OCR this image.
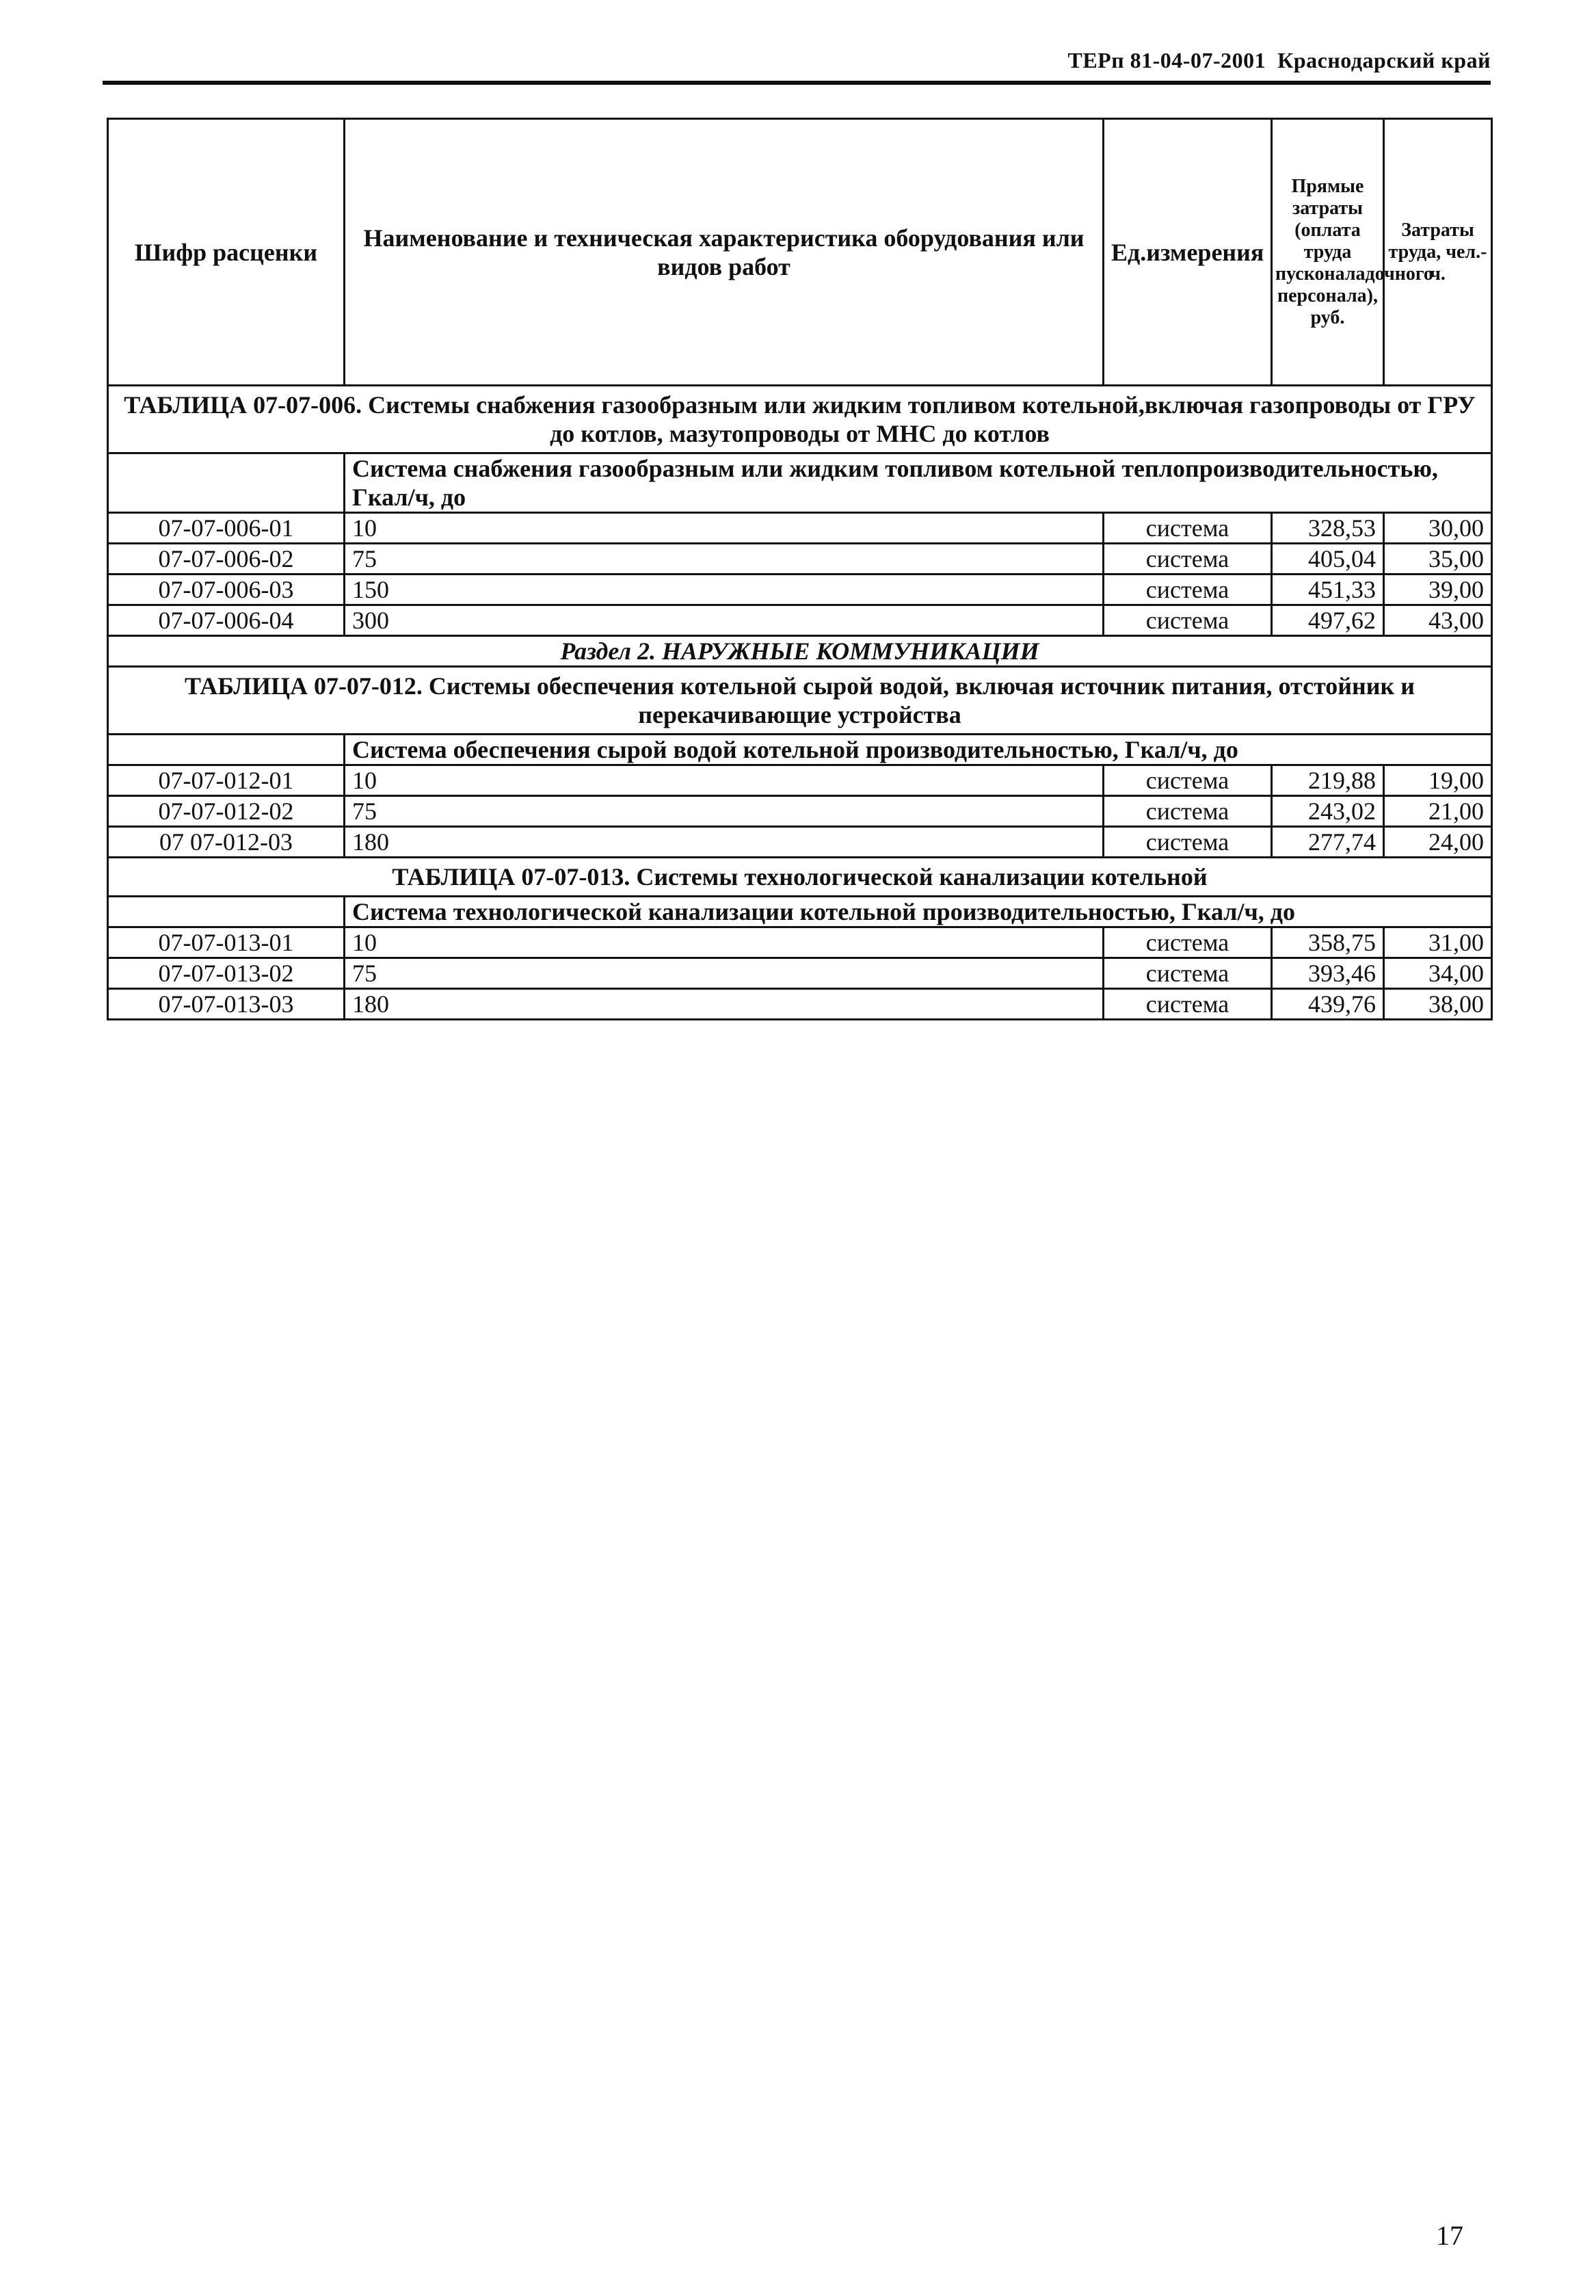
ТЕРп 81-04-07-2001 Краснодарский край
Шифр расценки	Наименование и техническая характеристика оборудования или видов работ	Ед.измерения	Прямые затраты (оплата труда пусконаладочного персонала), руб.	Затраты труда, чел.-ч.
ТАБЛИЦА 07-07-006. Системы снабжения газообразным или жидким топливом котельной,включая газопроводы от ГРУ до котлов, мазутопроводы от МНС до котлов				
	Система снабжения газообразным или жидким топливом котельной теплопроизводительностью, Гкал/ч, до			
07-07-006-01	10	система	328,53	30,00
07-07-006-02	75	система	405,04	35,00
07-07-006-03	150	система	451,33	39,00
07-07-006-04	300	система	497,62	43,00
Раздел 2. НАРУЖНЫЕ КОММУНИКАЦИИ				
ТАБЛИЦА 07-07-012. Системы обеспечения котельной сырой водой, включая источник питания, отстойник и перекачивающие устройства				
	Система обеспечения сырой водой котельной производительностью, Гкал/ч, до			
07-07-012-01	10	система	219,88	19,00
07-07-012-02	75	система	243,02	21,00
07 07-012-03	180	система	277,74	24,00
ТАБЛИЦА 07-07-013. Системы технологической канализации котельной				
	Система технологической канализации котельной производительностью, Гкал/ч, до			
07-07-013-01	10	система	358,75	31,00
07-07-013-02	75	система	393,46	34,00
07-07-013-03	180	система	439,76	38,00
17
